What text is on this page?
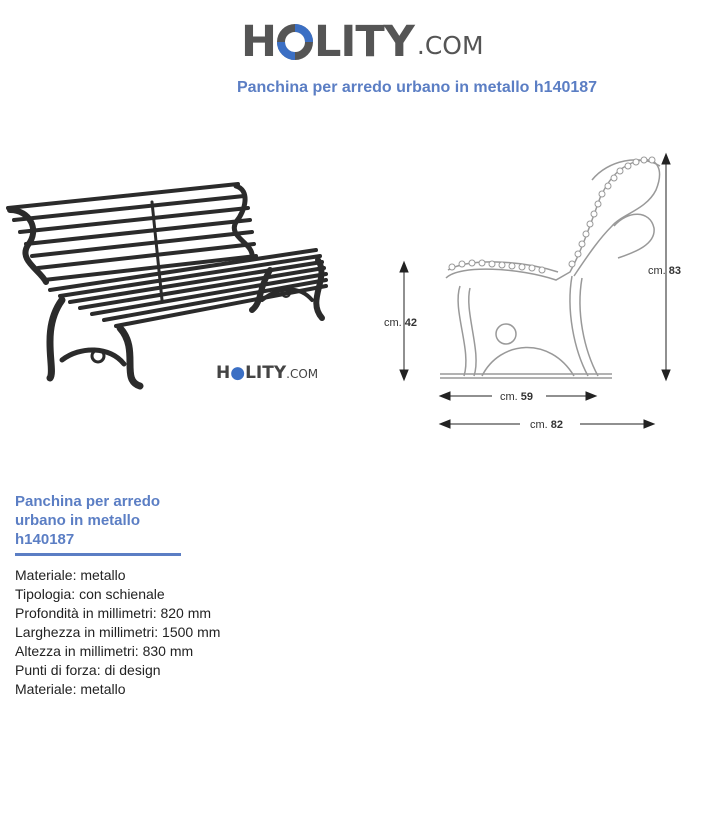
H LITY .COM
Panchina per arredo urbano in metallo h140187
H●LITY.COM
cm. 83
cm. 42
cm. 59
cm. 82
Panchina per arredo urbano in metallo h140187
Materiale: metallo
Tipologia: con schienale
Profondità in millimetri: 820 mm
Larghezza in millimetri: 1500 mm
Altezza in millimetri: 830 mm
Punti di forza: di design
Materiale: metallo
